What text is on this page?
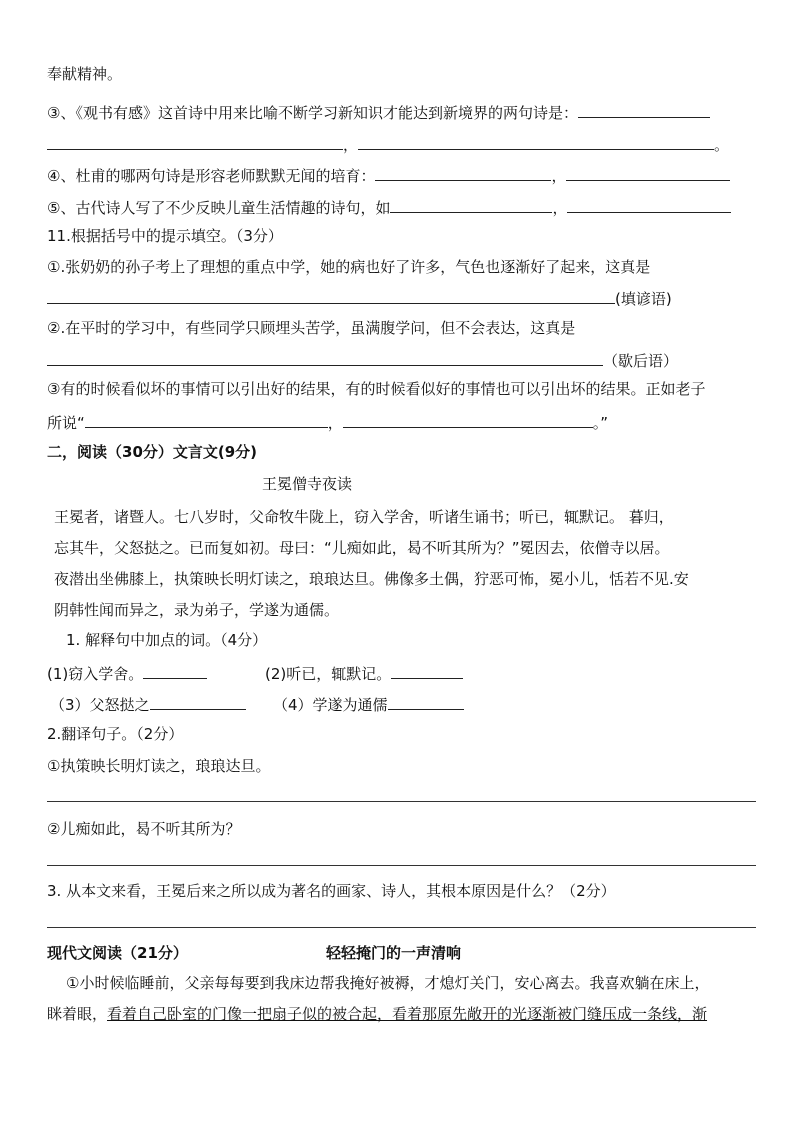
奉献精神。
③、《观书有感》这首诗中用来比喻不断学习新知识才能达到新境界的两句诗是：
，	。
④、杜甫的哪两句诗是形容老师默默无闻的培育：	，
⑤、古代诗人写了不少反映儿童生活情趣的诗句，如	，
11.根据括号中的提示填空。（3分）
①.张奶奶的孙子考上了理想的重点中学，她的病也好了许多，气色也逐渐好了起来，这真是
(填谚语)
②.在平时的学习中，有些同学只顾埋头苦学，虽满腹学问，但不会表达，这真是
（歇后语）
③有的时候看似坏的事情可以引出好的结果，有的时候看似好的事情也可以引出坏的结果。正如老子
所说“	，	。”
二，阅读（30分）文言文(9分)
王冕僧寺夜读
王冕者，诸暨人。七八岁时，父命牧牛陇上，窃入学舍，听诸生诵书；听已，辄默记。 暮归，
忘其牛，父怒挞之。已而复如初。母曰：“儿痴如此，曷不听其所为？”冕因去，依僧寺以居。
夜潜出坐佛膝上，执策映长明灯读之，琅琅达旦。佛像多土偶，狞恶可怖，冕小儿，恬若不见.安
阴韩性闻而异之，录为弟子，学遂为通儒。
1. 解释句中加点的词。（4分）
(1)窃入学舍。	(2)听已，辄默记。
（3）父怒挞之	（4）学遂为通儒
2.翻译句子。（2分）
①执策映长明灯读之，琅琅达旦。
②儿痴如此，曷不听其所为？
3. 从本文来看，王冕后来之所以成为著名的画家、诗人，其根本原因是什么？（2分）
现代文阅读（21分）	轻轻掩门的一声清响
①小时候临睡前，父亲每每要到我床边帮我掩好被褥，才熄灯关门，安心离去。我喜欢躺在床上，
眯着眼，看着自己卧室的门像一把扇子似的被合起，看着那原先敞开的光逐渐被门缝压成一条线，渐
